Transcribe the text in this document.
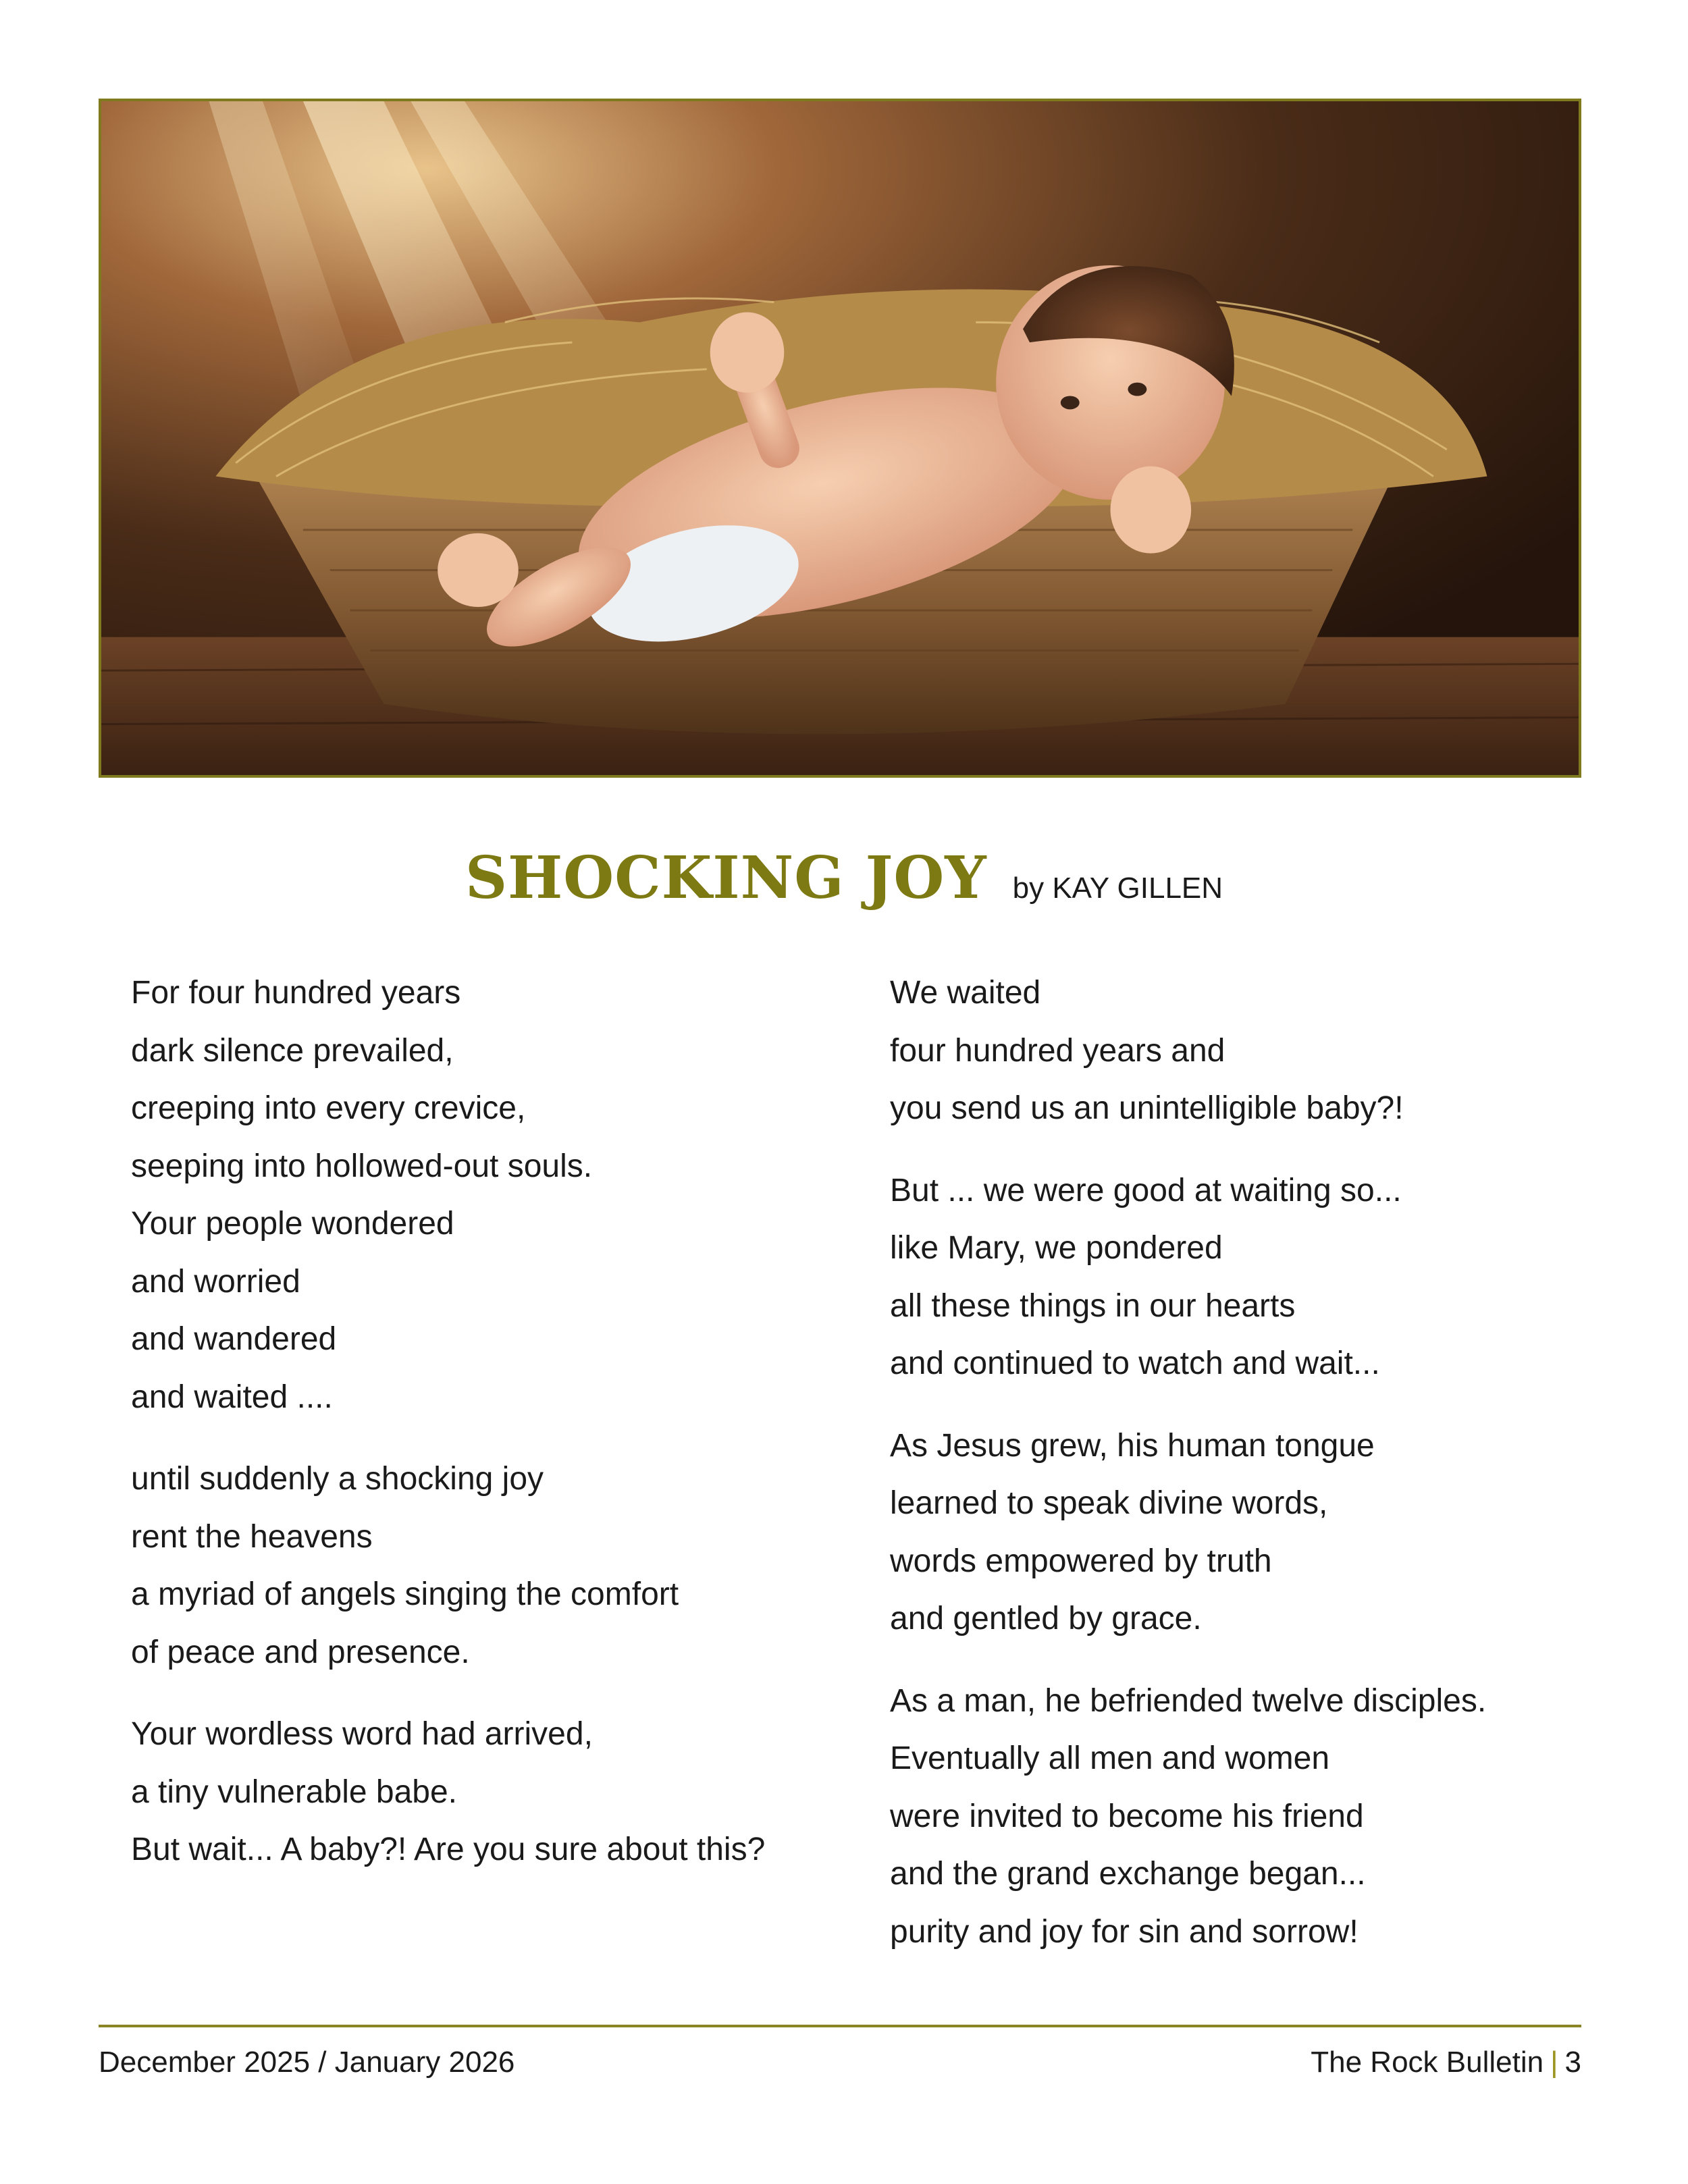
SHOCKING JOY by KAY GILLEN
For four hundred years
dark silence prevailed,
creeping into every crevice,
seeping into hollowed-out souls.
Your people wondered
and worried
and wandered
and waited ....
until suddenly a shocking joy
rent the heavens
a myriad of angels singing the comfort
of peace and presence.
Your wordless word had arrived,
a tiny vulnerable babe.
But wait... A baby?! Are you sure about this?
We waited
four hundred years and
you send us an unintelligible baby?!
But ... we were good at waiting so...
like Mary, we pondered
all these things in our hearts
and continued to watch and wait...
As Jesus grew, his human tongue
learned to speak divine words,
words empowered by truth
and gentled by grace.
As a man, he befriended twelve disciples.
Eventually all men and women
were invited to become his friend
and the grand exchange began...
purity and joy for sin and sorrow!
December 2025 / January 2026	The Rock Bulletin | 3
